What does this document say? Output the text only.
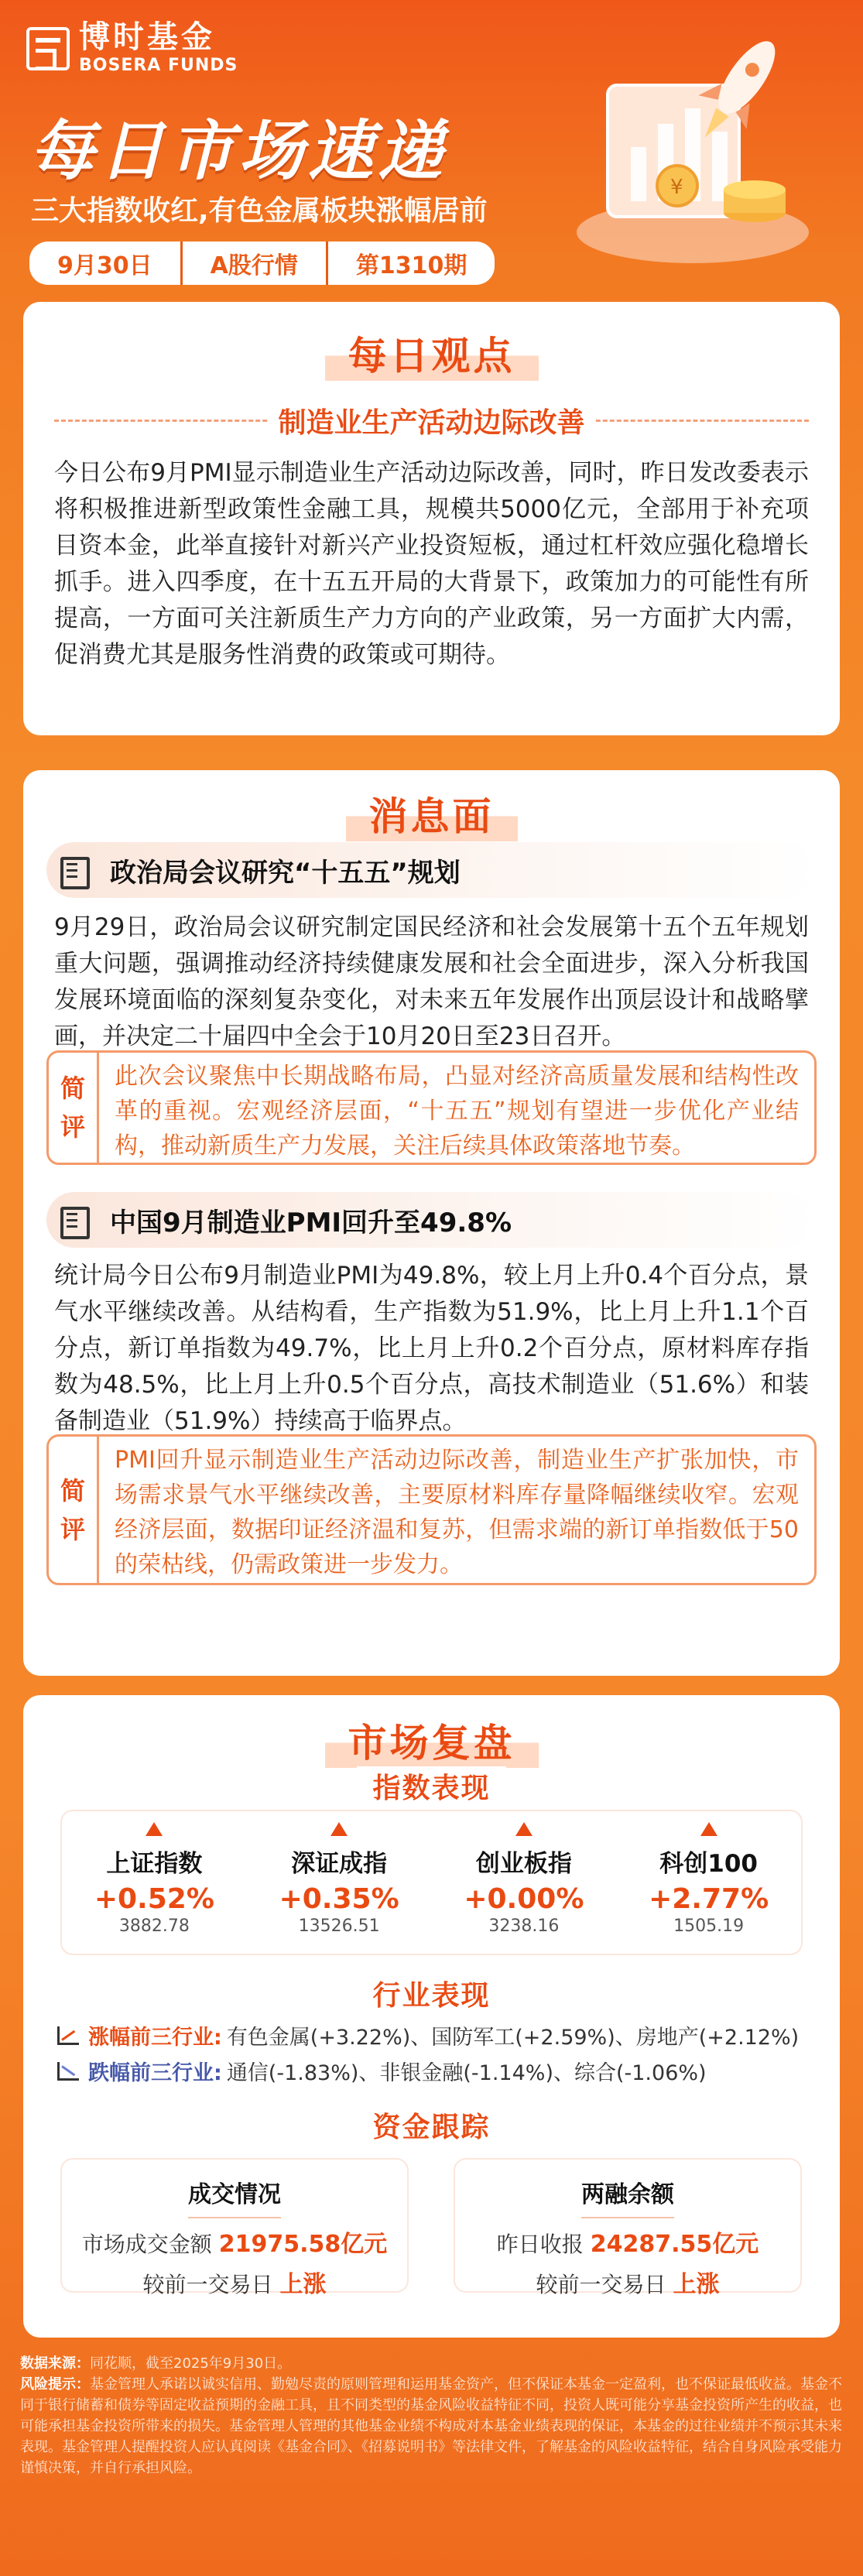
博时基金
BOSERA FUNDS
每日市场速递
三大指数收红,有色金属板块涨幅居前
9月30日	A股行情	第1310期
¥
每日观点
制造业生产活动边际改善
今日公布9月PMI显示制造业生产活动边际改善，同时，昨日发改委表示将积极推进新型政策性金融工具，规模共5000亿元，全部用于补充项目资本金，此举直接针对新兴产业投资短板，通过杠杆效应强化稳增长抓手。进入四季度，在十五五开局的大背景下，政策加力的可能性有所提高，一方面可关注新质生产力方向的产业政策，另一方面扩大内需，促消费尤其是服务性消费的政策或可期待。
消息面
政治局会议研究“十五五”规划
9月29日，政治局会议研究制定国民经济和社会发展第十五个五年规划重大问题，强调推动经济持续健康发展和社会全面进步，深入分析我国发展环境面临的深刻复杂变化，对未来五年发展作出顶层设计和战略擘画，并决定二十届四中全会于10月20日至23日召开。
简
评
此次会议聚焦中长期战略布局，凸显对经济高质量发展和结构性改革的重视。宏观经济层面，“十五五”规划有望进一步优化产业结构，推动新质生产力发展，关注后续具体政策落地节奏。
中国9月制造业PMI回升至49.8%
统计局今日公布9月制造业PMI为49.8%，较上月上升0.4个百分点，景气水平继续改善。从结构看，生产指数为51.9%，比上月上升1.1个百分点，新订单指数为49.7%，比上月上升0.2个百分点，原材料库存指数为48.5%，比上月上升0.5个百分点，高技术制造业（51.6%）和装备制造业（51.9%）持续高于临界点。
简
评
PMI回升显示制造业生产活动边际改善，制造业生产扩张加快，市场需求景气水平继续改善，主要原材料库存量降幅继续收窄。宏观经济层面，数据印证经济温和复苏，但需求端的新订单指数低于50的荣枯线，仍需政策进一步发力。
市场复盘
指数表现
上证指数
+0.52%
3882.78
深证成指
+0.35%
13526.51
创业板指
+0.00%
3238.16
科创100
+2.77%
1505.19
行业表现
涨幅前三行业: 有色金属(+3.22%)、国防军工(+2.59%)、房地产(+2.12%)
跌幅前三行业: 通信(-1.83%)、非银金融(-1.14%)、综合(-1.06%)
资金跟踪
成交情况
市场成交金额 21975.58亿元
较前一交易日 上涨
两融余额
昨日收报 24287.55亿元
较前一交易日 上涨
数据来源：同花顺，截至2025年9月30日。
风险提示：基金管理人承诺以诚实信用、勤勉尽责的原则管理和运用基金资产，但不保证本基金一定盈利，也不保证最低收益。基金不同于银行储蓄和债券等固定收益预期的金融工具，且不同类型的基金风险收益特征不同，投资人既可能分享基金投资所产生的收益，也可能承担基金投资所带来的损失。基金管理人管理的其他基金业绩不构成对本基金业绩表现的保证，本基金的过往业绩并不预示其未来表现。基金管理人提醒投资人应认真阅读《基金合同》、《招募说明书》等法律文件，了解基金的风险收益特征，结合自身风险承受能力谨慎决策，并自行承担风险。
